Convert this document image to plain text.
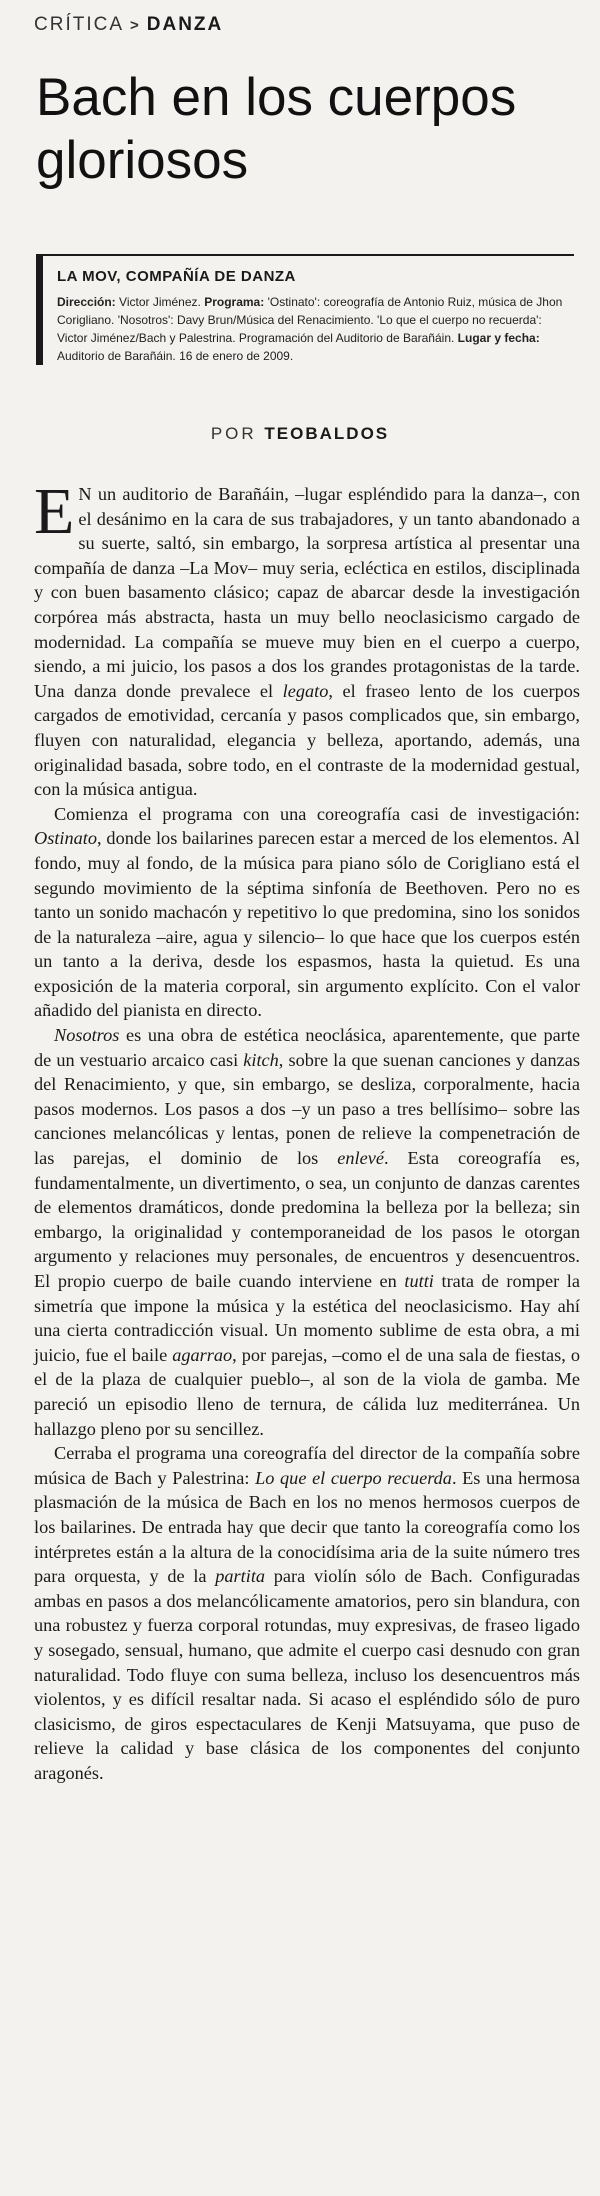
CRÍTICA > DANZA
Bach en los cuerpos gloriosos
LA MOV, COMPAÑÍA DE DANZA
Dirección: Victor Jiménez. Programa: 'Ostinato': coreografía de Antonio Ruiz, música de Jhon Corigliano. 'Nosotros': Davy Brun/Música del Renacimiento. 'Lo que el cuerpo no recuerda': Victor Jiménez/Bach y Palestrina. Programación del Auditorio de Barañáin. Lugar y fecha: Auditorio de Barañáin. 16 de enero de 2009.
POR TEOBALDOS

E N un auditorio de Barañáin, –lugar espléndido para la danza–, con el desánimo en la cara de sus trabajadores, y un tanto abandonado a su suerte, saltó, sin embargo, la sorpresa artística al presentar una compañía de danza –La Mov– muy seria, ecléctica en estilos, disciplinada y con buen basamento clásico; capaz de abarcar desde la investigación corpórea más abstracta, hasta un muy bello neoclasicismo cargado de modernidad. La compañía se mueve muy bien en el cuerpo a cuerpo, siendo, a mi juicio, los pasos a dos los grandes protagonistas de la tarde. Una danza donde prevalece el legato, el fraseo lento de los cuerpos cargados de emotividad, cercanía y pasos complicados que, sin embargo, fluyen con naturalidad, elegancia y belleza, aportando, además, una originalidad basada, sobre todo, en el contraste de la modernidad gestual, con la música antigua.

Comienza el programa con una coreografía casi de investigación: Ostinato, donde los bailarines parecen estar a merced de los elementos. Al fondo, muy al fondo, de la música para piano sólo de Corigliano está el segundo movimiento de la séptima sinfonía de Beethoven. Pero no es tanto un sonido machacón y repetitivo lo que predomina, sino los sonidos de la naturaleza –aire, agua y silencio– lo que hace que los cuerpos estén un tanto a la deriva, desde los espasmos, hasta la quietud. Es una exposición de la materia corporal, sin argumento explícito. Con el valor añadido del pianista en directo.

Nosotros es una obra de estética neoclásica, aparentemente, que parte de un vestuario arcaico casi kitch, sobre la que suenan canciones y danzas del Renacimiento, y que, sin embargo, se desliza, corporalmente, hacia pasos modernos. Los pasos a dos –y un paso a tres bellísimo– sobre las canciones melancólicas y lentas, ponen de relieve la compenetración de las parejas, el dominio de los enlevé. Esta coreografía es, fundamentalmente, un divertimento, o sea, un conjunto de danzas carentes de elementos dramáticos, donde predomina la belleza por la belleza; sin embargo, la originalidad y contemporaneidad de los pasos le otorgan argumento y relaciones muy personales, de encuentros y desencuentros. El propio cuerpo de baile cuando interviene en tutti trata de romper la simetría que impone la música y la estética del neoclasicismo. Hay ahí una cierta contradicción visual. Un momento sublime de esta obra, a mi juicio, fue el baile agarrao, por parejas, –como el de una sala de fiestas, o el de la plaza de cualquier pueblo–, al son de la viola de gamba. Me pareció un episodio lleno de ternura, de cálida luz mediterránea. Un hallazgo pleno por su sencillez.

Cerraba el programa una coreografía del director de la compañía sobre música de Bach y Palestrina: Lo que el cuerpo recuerda. Es una hermosa plasmación de la música de Bach en los no menos hermosos cuerpos de los bailarines. De entrada hay que decir que tanto la coreografía como los intérpretes están a la altura de la conocidísima aria de la suite número tres para orquesta, y de la partita para violín sólo de Bach. Configuradas ambas en pasos a dos melancólicamente amatorios, pero sin blandura, con una robustez y fuerza corporal rotundas, muy expresivas, de fraseo ligado y sosegado, sensual, humano, que admite el cuerpo casi desnudo con gran naturalidad. Todo fluye con suma belleza, incluso los desencuentros más violentos, y es difícil resaltar nada. Si acaso el espléndido sólo de puro clasicismo, de giros espectaculares de Kenji Matsuyama, que puso de relieve la calidad y base clásica de los componentes del conjunto aragonés.
